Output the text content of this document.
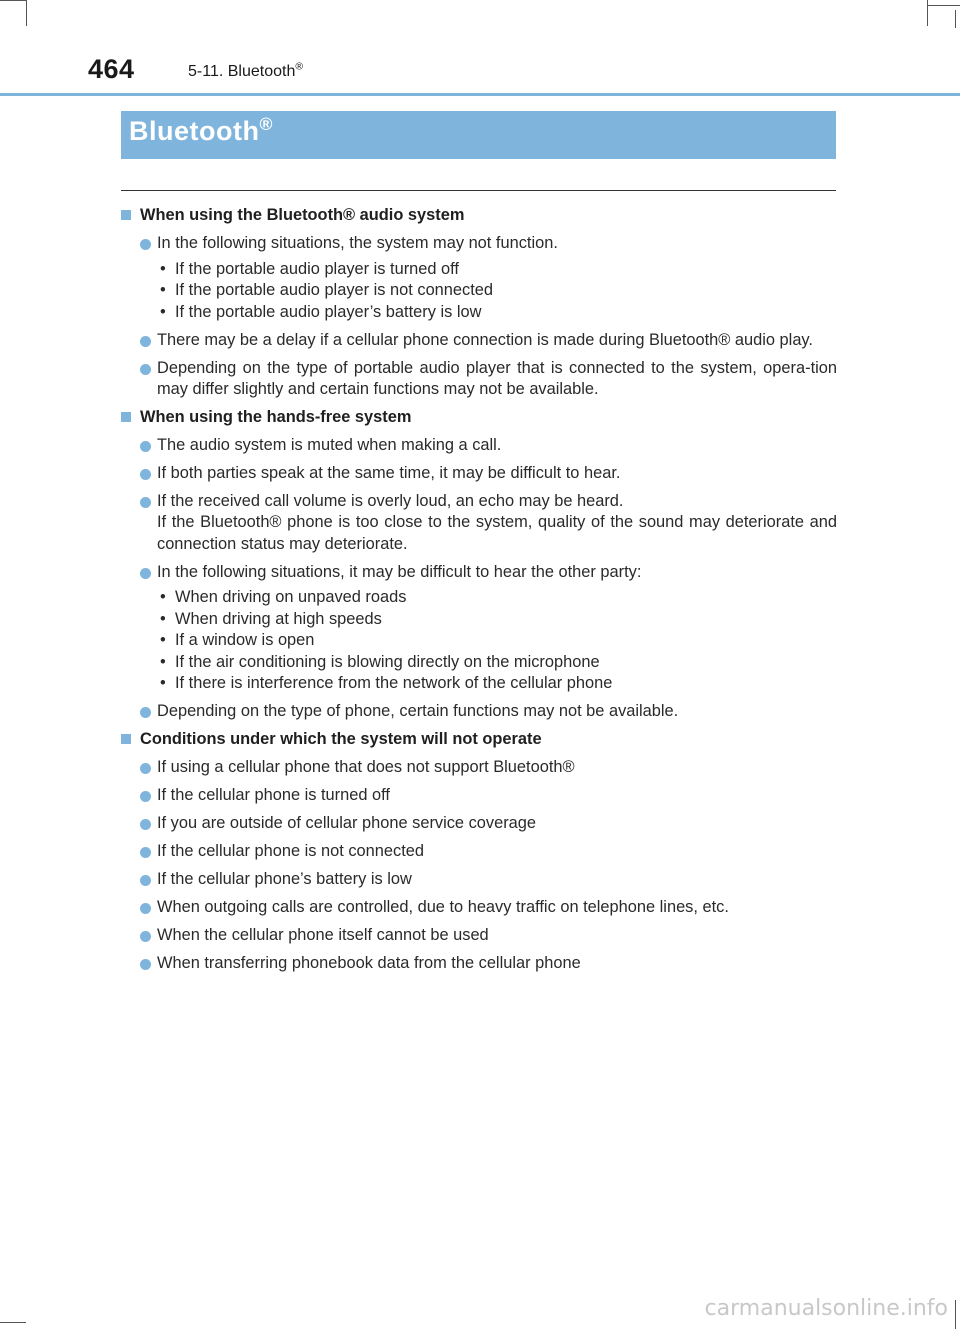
464	5-11. Bluetooth®
Bluetooth®
When using the Bluetooth® audio system
In the following situations, the system may not function.
• If the portable audio player is turned off
• If the portable audio player is not connected
• If the portable audio player’s battery is low
There may be a delay if a cellular phone connection is made during Bluetooth® audio play.
Depending on the type of portable audio player that is connected to the system, opera-tion may differ slightly and certain functions may not be available.
When using the hands-free system
The audio system is muted when making a call.
If both parties speak at the same time, it may be difficult to hear.
If the received call volume is overly loud, an echo may be heard.
If the Bluetooth® phone is too close to the system, quality of the sound may deteriorate and connection status may deteriorate.
In the following situations, it may be difficult to hear the other party:
• When driving on unpaved roads
• When driving at high speeds
• If a window is open
• If the air conditioning is blowing directly on the microphone
• If there is interference from the network of the cellular phone
Depending on the type of phone, certain functions may not be available.
Conditions under which the system will not operate
If using a cellular phone that does not support Bluetooth®
If the cellular phone is turned off
If you are outside of cellular phone service coverage
If the cellular phone is not connected
If the cellular phone’s battery is low
When outgoing calls are controlled, due to heavy traffic on telephone lines, etc.
When the cellular phone itself cannot be used
When transferring phonebook data from the cellular phone
carmanualsonline.info
